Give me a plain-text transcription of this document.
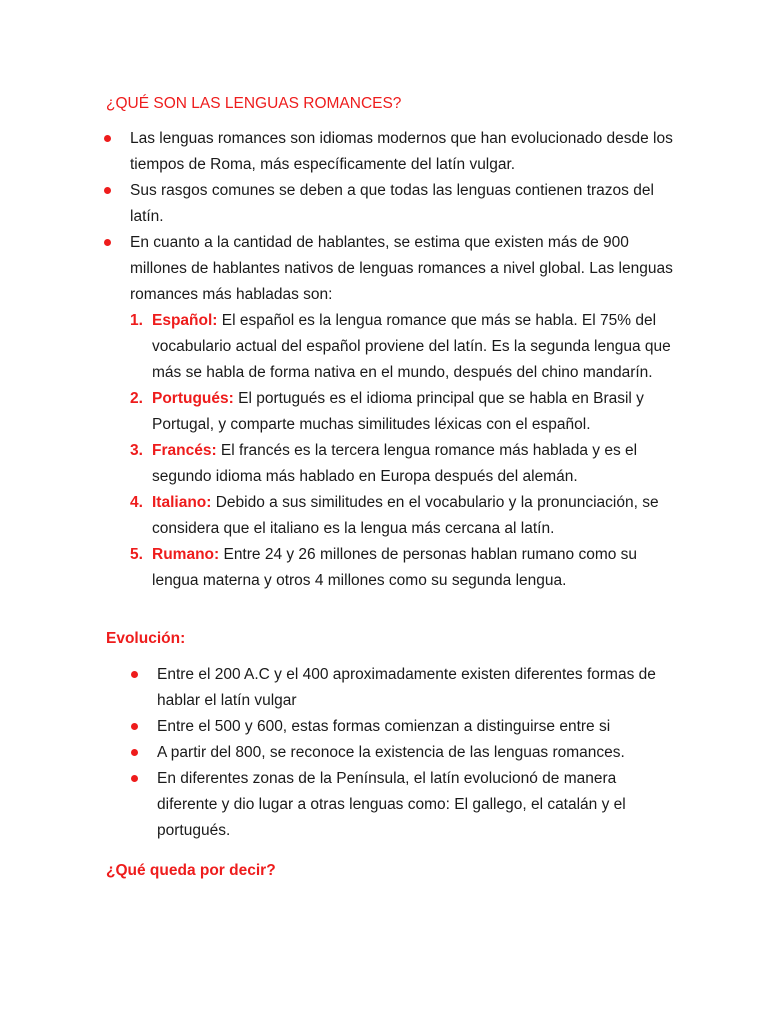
¿QUÉ SON LAS LENGUAS ROMANCES?
Las lenguas romances son idiomas modernos que han evolucionado desde los tiempos de Roma, más específicamente del latín vulgar.
Sus rasgos comunes se deben a que todas las lenguas contienen trazos del latín.
En cuanto a la cantidad de hablantes, se estima que existen más de 900 millones de hablantes nativos de lenguas romances a nivel global. Las lenguas romances más habladas son:
1. Español: El español es la lengua romance que más se habla. El 75% del vocabulario actual del español proviene del latín. Es la segunda lengua que más se habla de forma nativa en el mundo, después del chino mandarín.
2. Portugués: El portugués es el idioma principal que se habla en Brasil y Portugal, y comparte muchas similitudes léxicas con el español.
3. Francés: El francés es la tercera lengua romance más hablada y es el segundo idioma más hablado en Europa después del alemán.
4. Italiano: Debido a sus similitudes en el vocabulario y la pronunciación, se considera que el italiano es la lengua más cercana al latín.
5. Rumano: Entre 24 y 26 millones de personas hablan rumano como su lengua materna y otros 4 millones como su segunda lengua.
Evolución:
Entre el 200 A.C y el 400 aproximadamente existen diferentes formas de hablar el latín vulgar
Entre el 500 y 600, estas formas comienzan a distinguirse entre si
A partir del 800, se reconoce la existencia de las lenguas romances.
En diferentes zonas de la Península, el latín evolucionó de manera diferente y dio lugar a otras lenguas como: El gallego, el catalán y el portugués.
¿Qué queda por decir?
